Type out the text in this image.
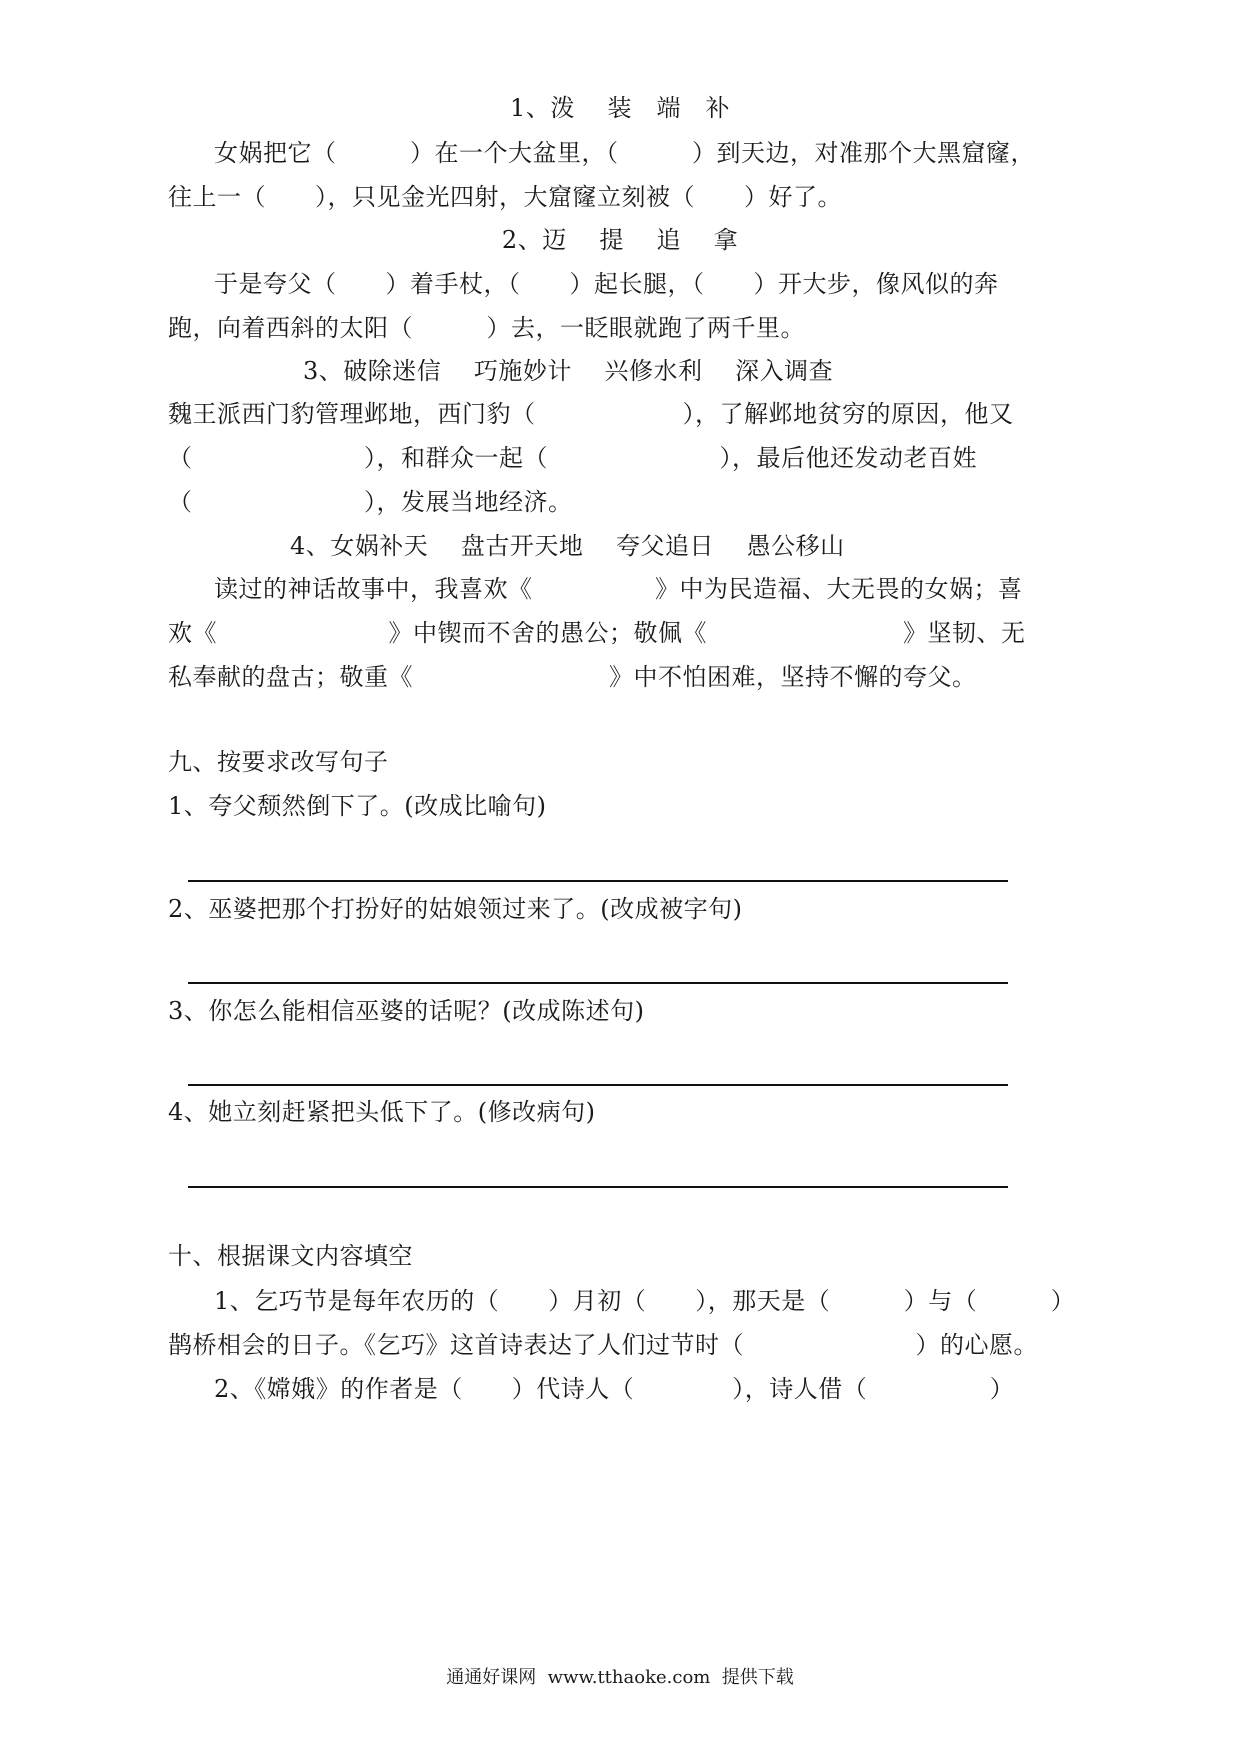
1、泼　 装　端　补
女娲把它（　　　）在一个大盆里，（　　　）到天边，对准那个大黑窟窿，
往上一（　　），只见金光四射，大窟窿立刻被（　　）好了。
2、迈　 提　 追　 拿
于是夸父（　　）着手杖，（　　）起长腿，（　　）开大步，像风似的奔
跑，向着西斜的太阳（　　　）去，一眨眼就跑了两千里。
3、破除迷信　 巧施妙计　 兴修水利　 深入调查
魏王派西门豹管理邺地，西门豹（　　　　　　），了解邺地贫穷的原因，他又
（　　　　　　　），和群众一起（　　　　　　　），最后他还发动老百姓
（　　　　　　　），发展当地经济。
4、女娲补天　 盘古开天地　 夸父追日　 愚公移山
读过的神话故事中，我喜欢《　　　　　》中为民造福、大无畏的女娲；喜
欢《　　　　　　　》中锲而不舍的愚公；敬佩《　　　　　　　　》坚韧、无
私奉献的盘古；敬重《　　　　　　　　》中不怕困难，坚持不懈的夸父。
九、按要求改写句子
1、夸父颓然倒下了。(改成比喻句)
2、巫婆把那个打扮好的姑娘领过来了。(改成被字句)
3、你怎么能相信巫婆的话呢？(改成陈述句)
4、她立刻赶紧把头低下了。(修改病句)
十、根据课文内容填空
1、乞巧节是每年农历的（　　）月初（　　），那天是（　　　）与（　　　）
鹊桥相会的日子。《乞巧》这首诗表达了人们过节时（　　　　　　　）的心愿。
2、《嫦娥》的作者是（　　）代诗人（　　　　），诗人借（　　　　　）
通通好课网  www.tthaoke.com  提供下载
